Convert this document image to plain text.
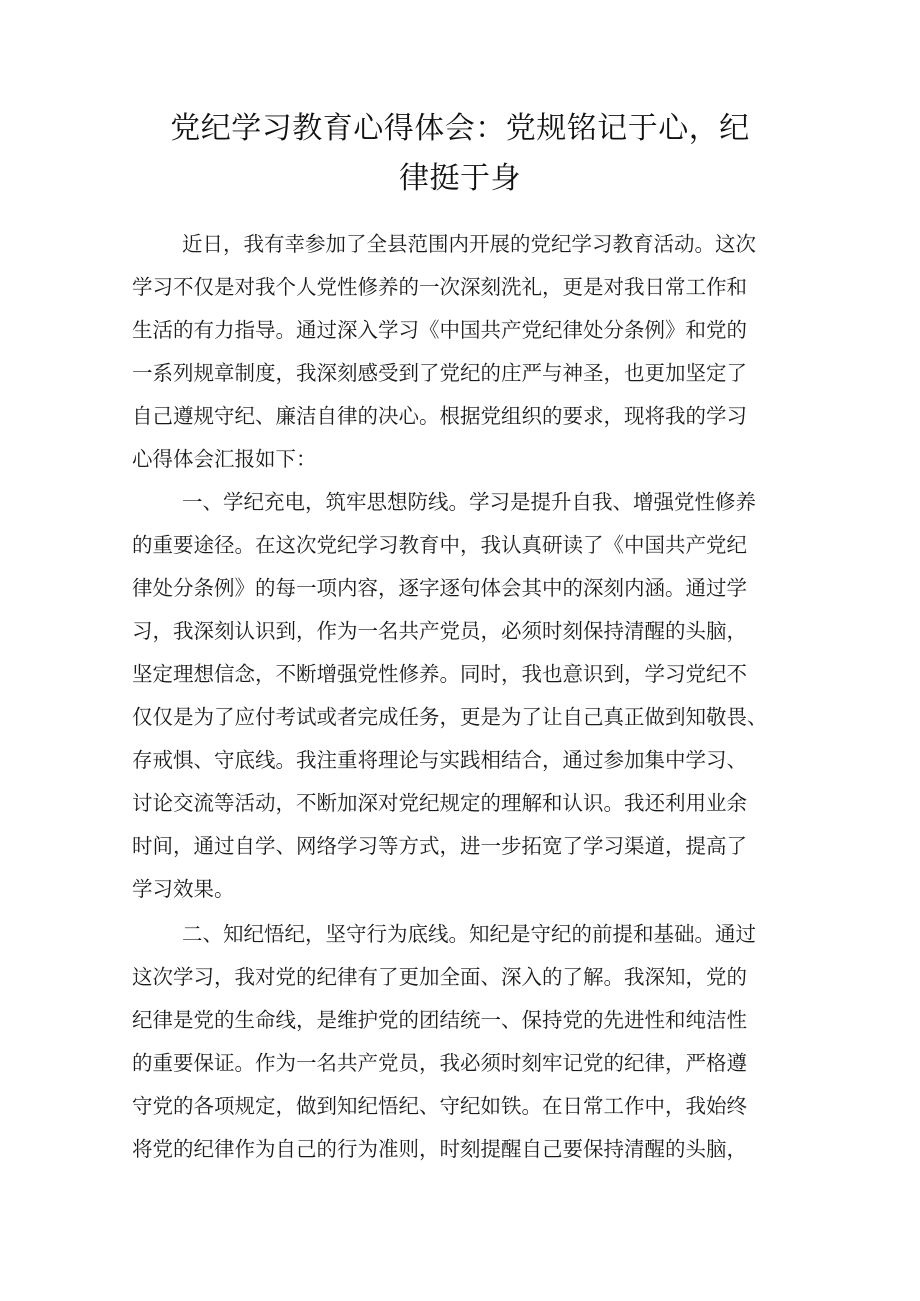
党纪学习教育心得体会：党规铭记于心，纪
律挺于身

近日，我有幸参加了全县范围内开展的党纪学习教育活动。这次
学习不仅是对我个人党性修养的一次深刻洗礼，更是对我日常工作和
生活的有力指导。通过深入学习《中国共产党纪律处分条例》和党的
一系列规章制度，我深刻感受到了党纪的庄严与神圣，也更加坚定了
自己遵规守纪、廉洁自律的决心。根据党组织的要求，现将我的学习
心得体会汇报如下：

一、学纪充电，筑牢思想防线。学习是提升自我、增强党性修养
的重要途径。在这次党纪学习教育中，我认真研读了《中国共产党纪
律处分条例》的每一项内容，逐字逐句体会其中的深刻内涵。通过学
习，我深刻认识到，作为一名共产党员，必须时刻保持清醒的头脑，
坚定理想信念，不断增强党性修养。同时，我也意识到，学习党纪不
仅仅是为了应付考试或者完成任务，更是为了让自己真正做到知敬畏、
存戒惧、守底线。我注重将理论与实践相结合，通过参加集中学习、
讨论交流等活动，不断加深对党纪规定的理解和认识。我还利用业余
时间，通过自学、网络学习等方式，进一步拓宽了学习渠道，提高了
学习效果。

二、知纪悟纪，坚守行为底线。知纪是守纪的前提和基础。通过
这次学习，我对党的纪律有了更加全面、深入的了解。我深知，党的
纪律是党的生命线，是维护党的团结统一、保持党的先进性和纯洁性
的重要保证。作为一名共产党员，我必须时刻牢记党的纪律，严格遵
守党的各项规定，做到知纪悟纪、守纪如铁。在日常工作中，我始终
将党的纪律作为自己的行为准则，时刻提醒自己要保持清醒的头脑，
